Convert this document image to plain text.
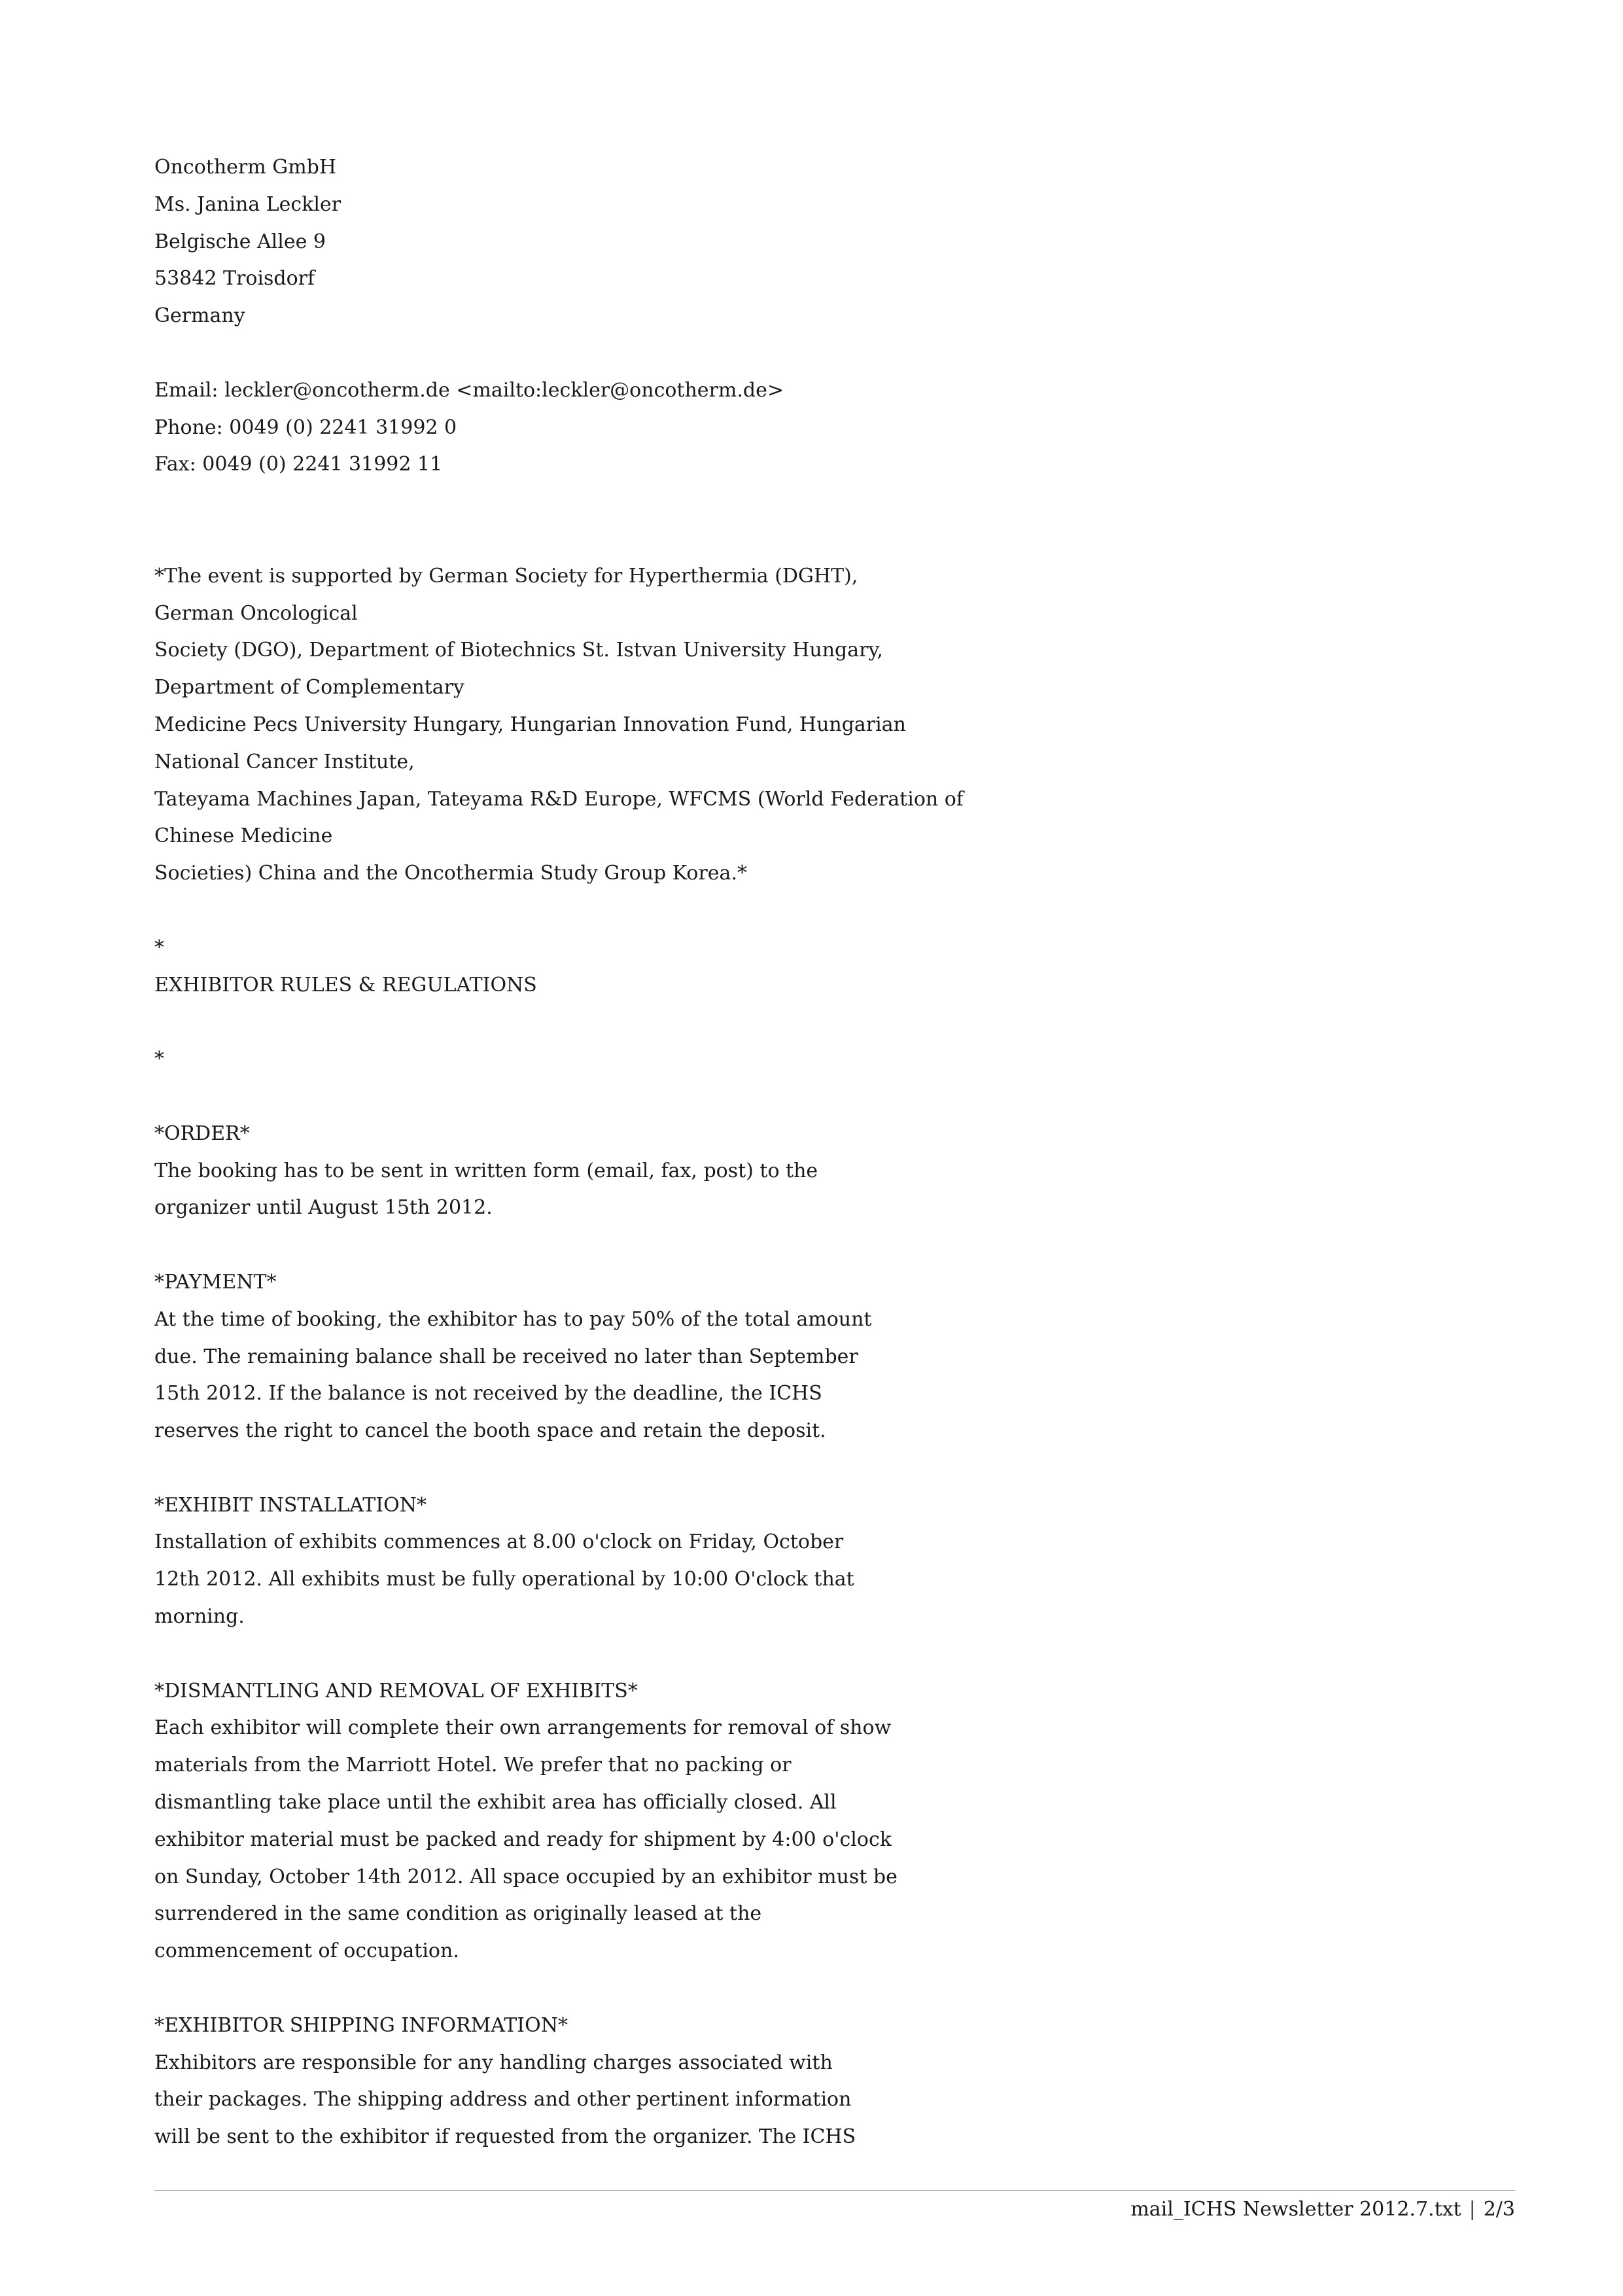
Oncotherm GmbH
Ms. Janina Leckler
Belgische Allee 9
53842 Troisdorf
Germany
Email: leckler@oncotherm.de <mailto:leckler@oncotherm.de>
Phone: 0049 (0) 2241 31992 0
Fax: 0049 (0) 2241 31992 11
*The event is supported by German Society for Hyperthermia (DGHT),
German Oncological
Society (DGO), Department of Biotechnics St. Istvan University Hungary,
Department of Complementary
Medicine Pecs University Hungary, Hungarian Innovation Fund, Hungarian
National Cancer Institute,
Tateyama Machines Japan, Tateyama R&D Europe, WFCMS (World Federation of
Chinese Medicine
Societies) China and the Oncothermia Study Group Korea.*
*
EXHIBITOR RULES & REGULATIONS
*
*ORDER*
The booking has to be sent in written form (email, fax, post) to the
organizer until August 15th 2012.
*PAYMENT*
At the time of booking, the exhibitor has to pay 50% of the total amount
due. The remaining balance shall be received no later than September
15th 2012. If the balance is not received by the deadline, the ICHS
reserves the right to cancel the booth space and retain the deposit.
*EXHIBIT INSTALLATION*
Installation of exhibits commences at 8.00 o'clock on Friday, October
12th 2012. All exhibits must be fully operational by 10:00 O'clock that
morning.
*DISMANTLING AND REMOVAL OF EXHIBITS*
Each exhibitor will complete their own arrangements for removal of show
materials from the Marriott Hotel. We prefer that no packing or
dismantling take place until the exhibit area has officially closed. All
exhibitor material must be packed and ready for shipment by 4:00 o'clock
on Sunday, October 14th 2012. All space occupied by an exhibitor must be
surrendered in the same condition as originally leased at the
commencement of occupation.
*EXHIBITOR SHIPPING INFORMATION*
Exhibitors are responsible for any handling charges associated with
their packages. The shipping address and other pertinent information
will be sent to the exhibitor if requested from the organizer. The ICHS
mail_ICHS Newsletter 2012.7.txt | 2/3
